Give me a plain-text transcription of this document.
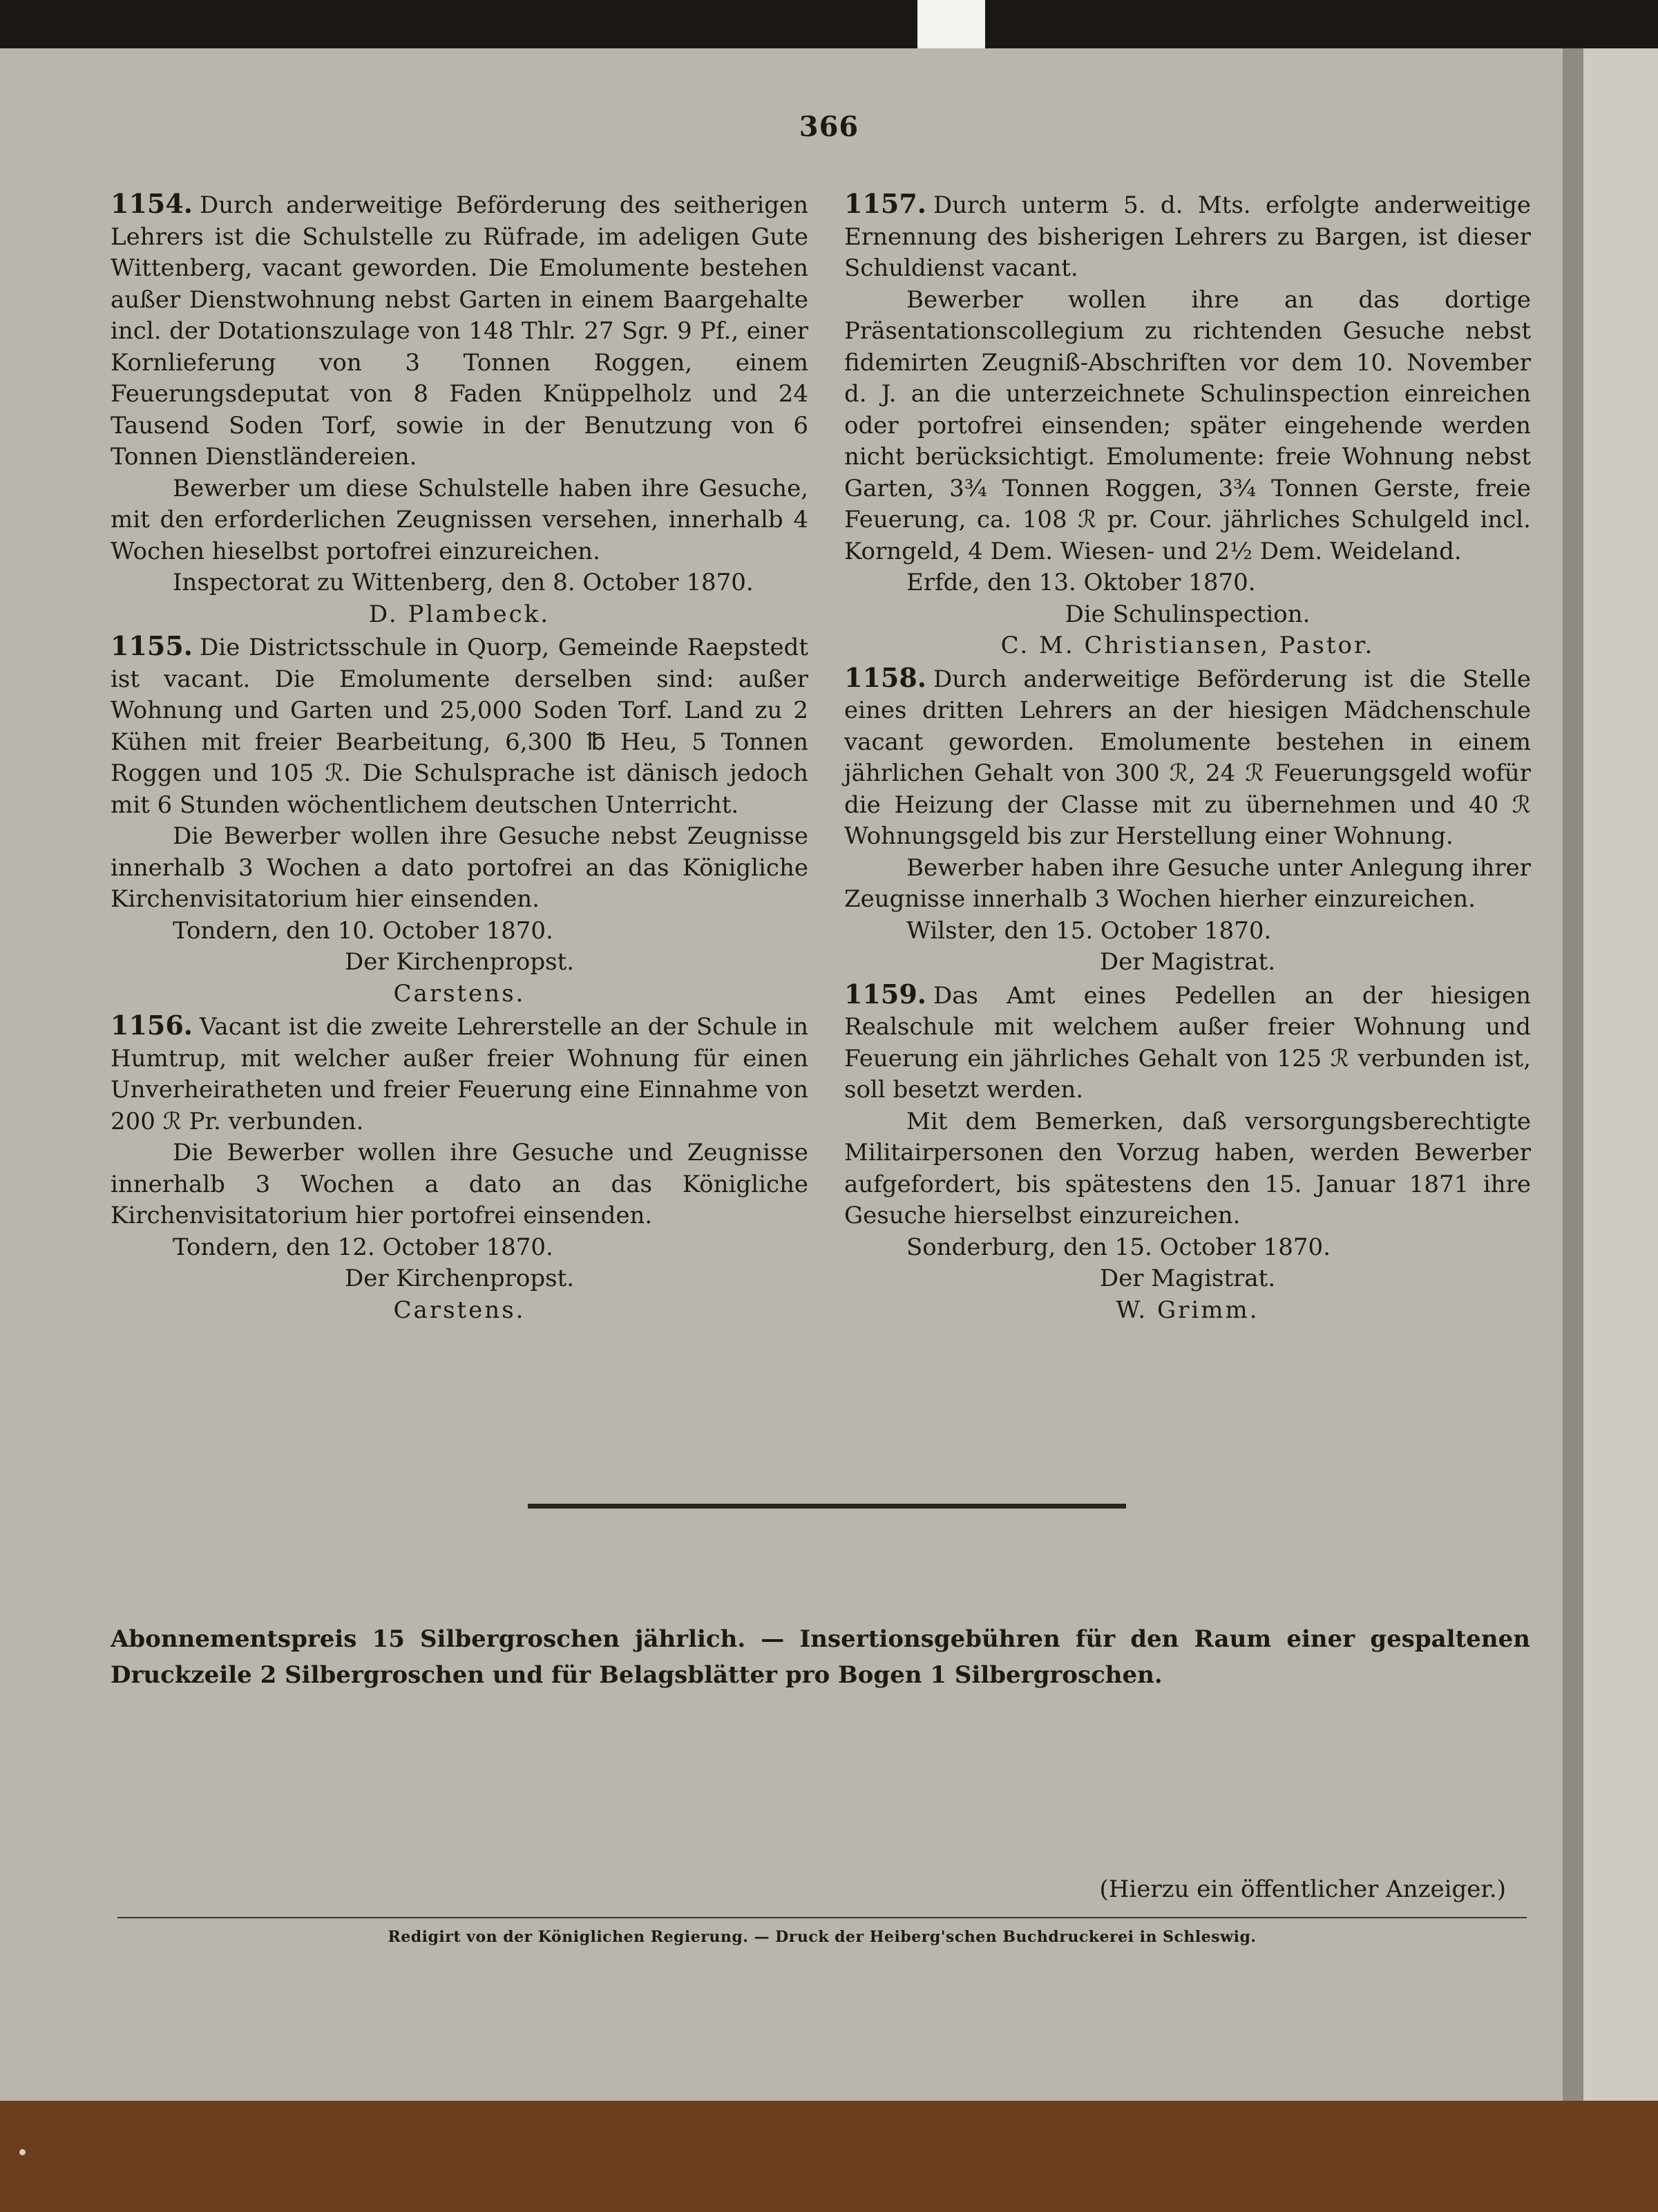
366

1154. Durch anderweitige Beförderung des seitherigen Lehrers ist die Schulstelle zu Rüfrade, im adeligen Gute Wittenberg, vacant geworden. Die Emolumente bestehen außer Dienstwohnung nebst Garten in einem Baargehalte incl. der Dotationszulage von 148 Thlr. 27 Sgr. 9 Pf., einer Kornlieferung von 3 Tonnen Roggen, einem Feuerungsdeputat von 8 Faden Knüppelholz und 24 Tausend Soden Torf, sowie in der Benutzung von 6 Tonnen Dienstländereien.

Bewerber um diese Schulstelle haben ihre Gesuche, mit den erforderlichen Zeugnissen versehen, innerhalb 4 Wochen hieselbst portofrei einzureichen.

Inspectorat zu Wittenberg, den 8. October 1870.

D. Plambeck.

1155. Die Districtsschule in Quorp, Gemeinde Raepstedt ist vacant. Die Emolumente derselben sind: außer Wohnung und Garten und 25,000 Soden Torf. Land zu 2 Kühen mit freier Bearbeitung, 6,300 ℔ Heu, 5 Tonnen Roggen und 105 ℛ. Die Schulsprache ist dänisch jedoch mit 6 Stunden wöchentlichem deutschen Unterricht.

Die Bewerber wollen ihre Gesuche nebst Zeugnisse innerhalb 3 Wochen a dato portofrei an das Königliche Kirchenvisitatorium hier einsenden.

Tondern, den 10. October 1870.

Der Kirchenpropst.

Carstens.

1156. Vacant ist die zweite Lehrerstelle an der Schule in Humtrup, mit welcher außer freier Wohnung für einen Unverheiratheten und freier Feuerung eine Einnahme von 200 ℛ Pr. verbunden.

Die Bewerber wollen ihre Gesuche und Zeugnisse innerhalb 3 Wochen a dato an das Königliche Kirchenvisitatorium hier portofrei einsenden.

Tondern, den 12. October 1870.

Der Kirchenpropst.

Carstens.

1157. Durch unterm 5. d. Mts. erfolgte anderweitige Ernennung des bisherigen Lehrers zu Bargen, ist dieser Schuldienst vacant.

Bewerber wollen ihre an das dortige Präsentationscollegium zu richtenden Gesuche nebst fidemirten Zeugniß-Abschriften vor dem 10. November d. J. an die unterzeichnete Schulinspection einreichen oder portofrei einsenden; später eingehende werden nicht berücksichtigt. Emolumente: freie Wohnung nebst Garten, 3¾ Tonnen Roggen, 3¾ Tonnen Gerste, freie Feuerung, ca. 108 ℛ pr. Cour. jährliches Schulgeld incl. Korngeld, 4 Dem. Wiesen- und 2½ Dem. Weideland.

Erfde, den 13. Oktober 1870.

Die Schulinspection.

C. M. Christiansen, Pastor.

1158. Durch anderweitige Beförderung ist die Stelle eines dritten Lehrers an der hiesigen Mädchenschule vacant geworden. Emolumente bestehen in einem jährlichen Gehalt von 300 ℛ, 24 ℛ Feuerungsgeld wofür die Heizung der Classe mit zu übernehmen und 40 ℛ Wohnungsgeld bis zur Herstellung einer Wohnung.

Bewerber haben ihre Gesuche unter Anlegung ihrer Zeugnisse innerhalb 3 Wochen hierher einzureichen.

Wilster, den 15. October 1870.

Der Magistrat.

1159. Das Amt eines Pedellen an der hiesigen Realschule mit welchem außer freier Wohnung und Feuerung ein jährliches Gehalt von 125 ℛ verbunden ist, soll besetzt werden.

Mit dem Bemerken, daß versorgungsberechtigte Militairpersonen den Vorzug haben, werden Bewerber aufgefordert, bis spätestens den 15. Januar 1871 ihre Gesuche hierselbst einzureichen.

Sonderburg, den 15. October 1870.

Der Magistrat.

W. Grimm.

Abonnementspreis 15 Silbergroschen jährlich. — Insertionsgebühren für den Raum einer gespaltenen Druckzeile 2 Silbergroschen und für Belagsblätter pro Bogen 1 Silbergroschen.
(Hierzu ein öffentlicher Anzeiger.)
Redigirt von der Königlichen Regierung. — Druck der Heiberg'schen Buchdruckerei in Schleswig.
